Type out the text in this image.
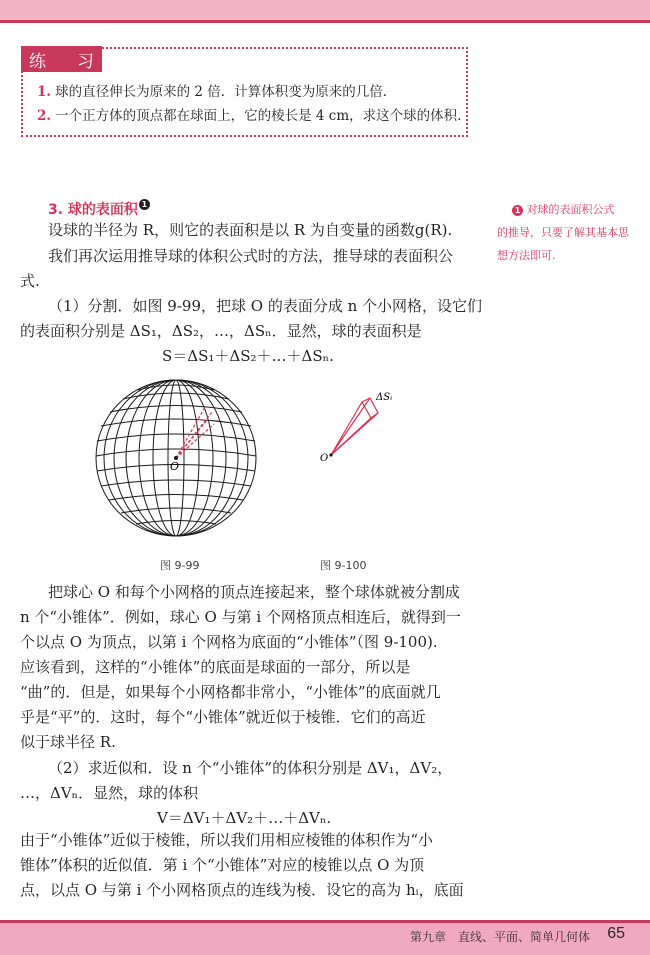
练 习
1. 球的直径伸长为原来的 2 倍．计算体积变为原来的几倍.
2. 一个正方体的顶点都在球面上，它的棱长是 4 cm，求这个球的体积.
3. 球的表面积 1
1 对球的表面积公式
的推导，只要了解其基本思
想方法即可.
设球的半径为 R，则它的表面积是以 R 为自变量的函数g(R).
我们再次运用推导球的体积公式时的方法，推导球的表面积公
式.
（1）分割．如图 9-99，把球 O 的表面分成 n 个小网格，设它们
的表面积分别是 ΔS₁，ΔS₂，…，ΔSₙ．显然，球的表面积是
S＝ΔS₁＋ΔS₂＋…＋ΔSₙ.
O
图 9-99
O
ΔSᵢ
图 9-100
把球心 O 和每个小网格的顶点连接起来，整个球体就被分割成
n 个“小锥体”．例如，球心 O 与第 i 个网格顶点相连后，就得到一
个以点 O 为顶点，以第 i 个网格为底面的“小锥体”（图 9-100).
应该看到，这样的“小锥体”的底面是球面的一部分，所以是
“曲”的．但是，如果每个小网格都非常小，“小锥体”的底面就几
乎是“平”的．这时，每个“小锥体”就近似于棱锥．它们的高近
似于球半径 R.
（2）求近似和．设 n 个“小锥体”的体积分别是 ΔV₁，ΔV₂，
…，ΔVₙ．显然，球的体积
V＝ΔV₁＋ΔV₂＋…＋ΔVₙ.
由于“小锥体”近似于棱锥，所以我们用相应棱锥的体积作为“小
锥体”体积的近似值．第 i 个“小锥体”对应的棱锥以点 O 为顶
点，以点 O 与第 i 个小网格顶点的连线为棱．设它的高为 hᵢ，底面
第九章　直线、平面、简单几何体 65
